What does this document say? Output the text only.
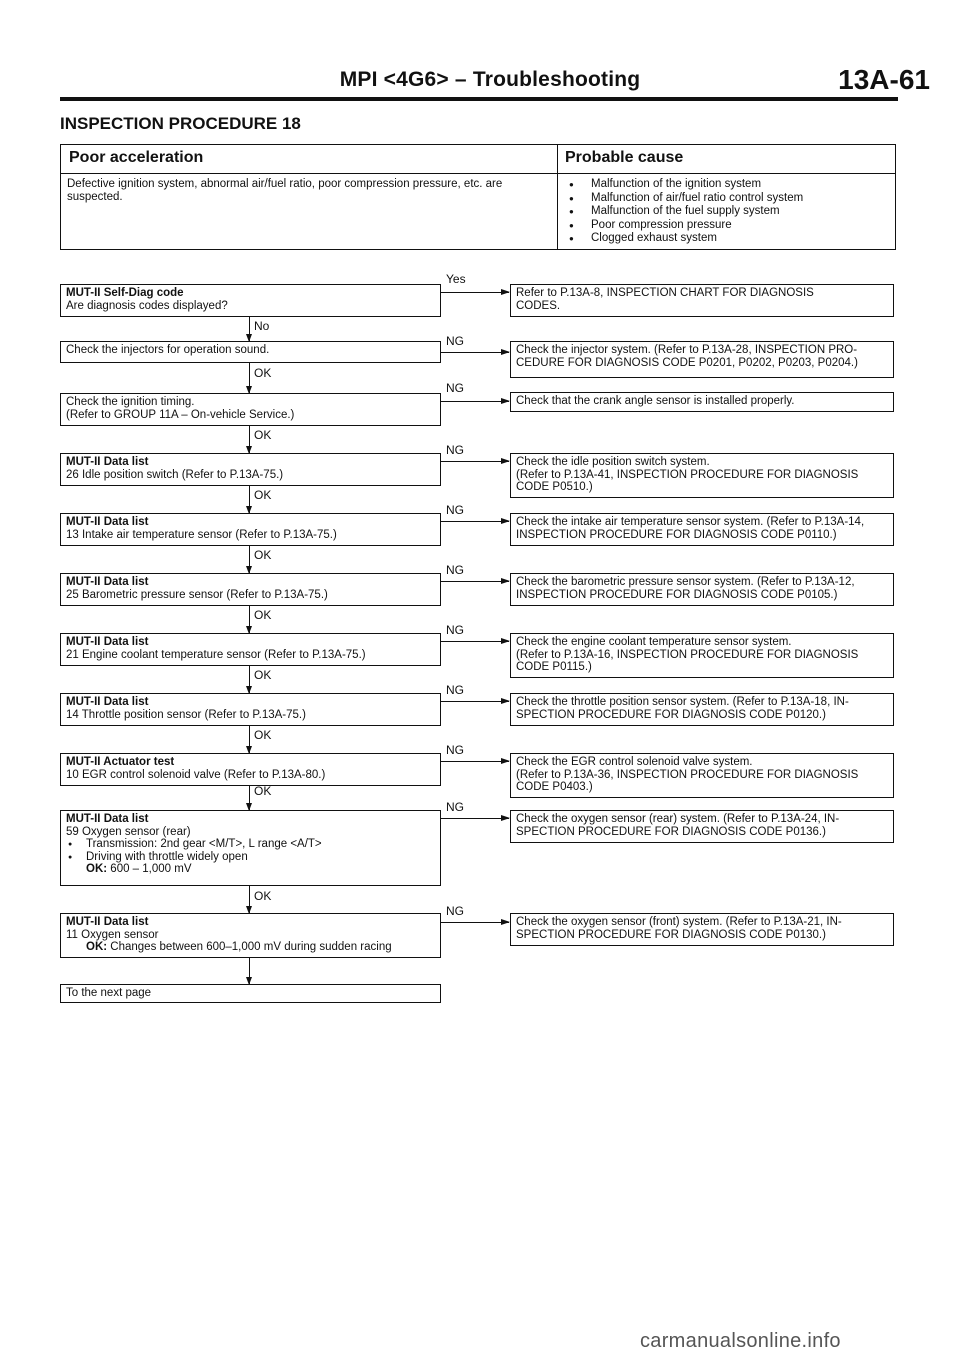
MPI <4G6> – Troubleshooting	13A-61
INSPECTION PROCEDURE 18
Poor acceleration	Probable cause
Defective ignition system, abnormal air/fuel ratio, poor compression pressure, etc. are suspected.
● Malfunction of the ignition system
● Malfunction of air/fuel ratio control system
● Malfunction of the fuel supply system
● Poor compression pressure
● Clogged exhaust system
MUT-II Self-Diag code
Are diagnosis codes displayed?
Yes
Refer to P.13A-8, INSPECTION CHART FOR DIAGNOSIS
CODES.
No
Check the injectors for operation sound.
NG
Check the injector system. (Refer to P.13A-28, INSPECTION PRO-
CEDURE FOR DIAGNOSIS CODE P0201, P0202, P0203, P0204.)
OK
Check the ignition timing.
(Refer to GROUP 11A – On-vehicle Service.)
NG
Check that the crank angle sensor is installed properly.
OK
MUT-II Data list
26 Idle position switch (Refer to P.13A-75.)
NG
Check the idle position switch system.
(Refer to P.13A-41, INSPECTION PROCEDURE FOR DIAGNOSIS
CODE P0510.)
OK
MUT-II Data list
13 Intake air temperature sensor (Refer to P.13A-75.)
NG
Check the intake air temperature sensor system. (Refer to P.13A-14,
INSPECTION PROCEDURE FOR DIAGNOSIS CODE P0110.)
OK
MUT-II Data list
25 Barometric pressure sensor (Refer to P.13A-75.)
NG
Check the barometric pressure sensor system. (Refer to P.13A-12,
INSPECTION PROCEDURE FOR DIAGNOSIS CODE P0105.)
OK
MUT-II Data list
21 Engine coolant temperature sensor (Refer to P.13A-75.)
NG
Check the engine coolant temperature sensor system.
(Refer to P.13A-16, INSPECTION PROCEDURE FOR DIAGNOSIS
CODE P0115.)
OK
MUT-II Data list
14 Throttle position sensor (Refer to P.13A-75.)
NG
Check the throttle position sensor system. (Refer to P.13A-18, IN-
SPECTION PROCEDURE FOR DIAGNOSIS CODE P0120.)
OK
MUT-II Actuator test
10 EGR control solenoid valve (Refer to P.13A-80.)
NG
Check the EGR control solenoid valve system.
(Refer to P.13A-36, INSPECTION PROCEDURE FOR DIAGNOSIS
CODE P0403.)
OK
MUT-II Data list
59 Oxygen sensor (rear)
● Transmission: 2nd gear <M/T>, L range <A/T>
● Driving with throttle widely open
OK: 600 – 1,000 mV
NG
Check the oxygen sensor (rear) system. (Refer to P.13A-24, IN-
SPECTION PROCEDURE FOR DIAGNOSIS CODE P0136.)
OK
MUT-II Data list
11 Oxygen sensor
OK: Changes between 600–1,000 mV during sudden racing
NG
Check the oxygen sensor (front) system. (Refer to P.13A-21, IN-
SPECTION PROCEDURE FOR DIAGNOSIS CODE P0130.)
To the next page
carmanualsonline.info
